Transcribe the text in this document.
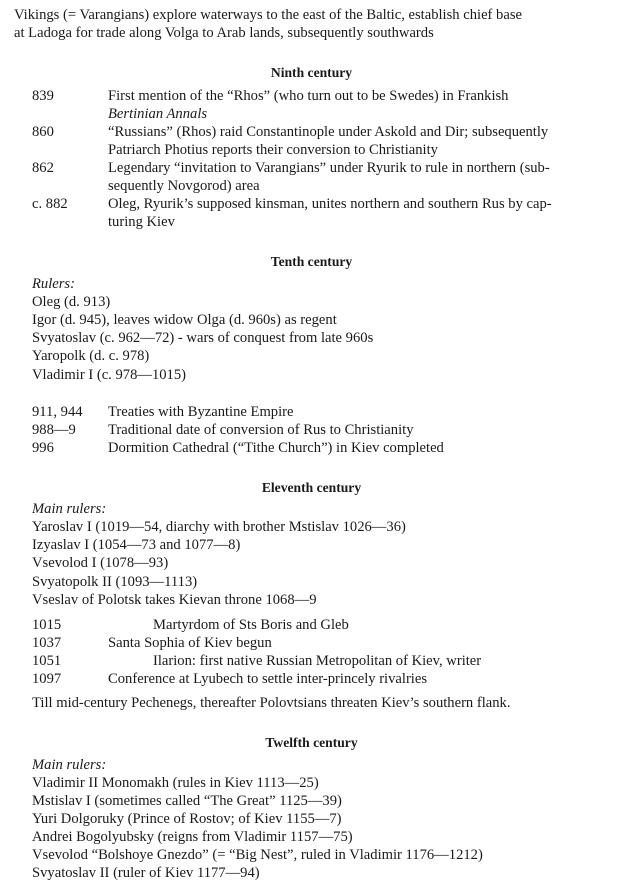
Vikings (= Varangians) explore waterways to the east of the Baltic, establish chief base
at Ladoga for trade along Volga to Arab lands, subsequently southwards
Ninth century
839	First mention of the “Rhos” (who turn out to be Swedes) in Frankish
Bertinian Annals
860	“Russians” (Rhos) raid Constantinople under Askold and Dir; subsequently
Patriarch Photius reports their conversion to Christianity
862	Legendary “invitation to Varangians” under Ryurik to rule in northern (sub-
sequently Novgorod) area
c. 882	Oleg, Ryurik’s supposed kinsman, unites northern and southern Rus by cap-
turing Kiev
Tenth century
Rulers:
Oleg (d. 913)
Igor (d. 945), leaves widow Olga (d. 960s) as regent
Svyatoslav (c. 962—72) - wars of conquest from late 960s
Yaropolk (d. c. 978)
Vladimir I (c. 978—1015)
911, 944 Treaties with Byzantine Empire
988—9 Traditional date of conversion of Rus to Christianity
996	Dormition Cathedral (“Tithe Church”) in Kiev completed
Eleventh century
Main rulers:
Yaroslav I (1019—54, diarchy with brother Mstislav 1026—36)
Izyaslav I (1054—73 and 1077—8)
Vsevolod I (1078—93)
Svyatopolk II (1093—1113)
Vseslav of Polotsk takes Kievan throne 1068—9
1015	Martyrdom of Sts Boris and Gleb
1037	Santa Sophia of Kiev begun
1051	Ilarion: first native Russian Metropolitan of Kiev, writer
1097	Conference at Lyubech to settle inter-princely rivalries
Till mid-century Pechenegs, thereafter Polovtsians threaten Kiev’s southern flank.
Twelfth century
Main rulers:
Vladimir II Monomakh (rules in Kiev 1113—25)
Mstislav I (sometimes called “The Great” 1125—39)
Yuri Dolgoruky (Prince of Rostov; of Kiev 1155—7)
Andrei Bogolyubsky (reigns from Vladimir 1157—75)
Vsevolod “Bolshoye Gnezdo” (= “Big Nest”, ruled in Vladimir 1176—1212)
Svyatoslav II (ruler of Kiev 1177—94)
